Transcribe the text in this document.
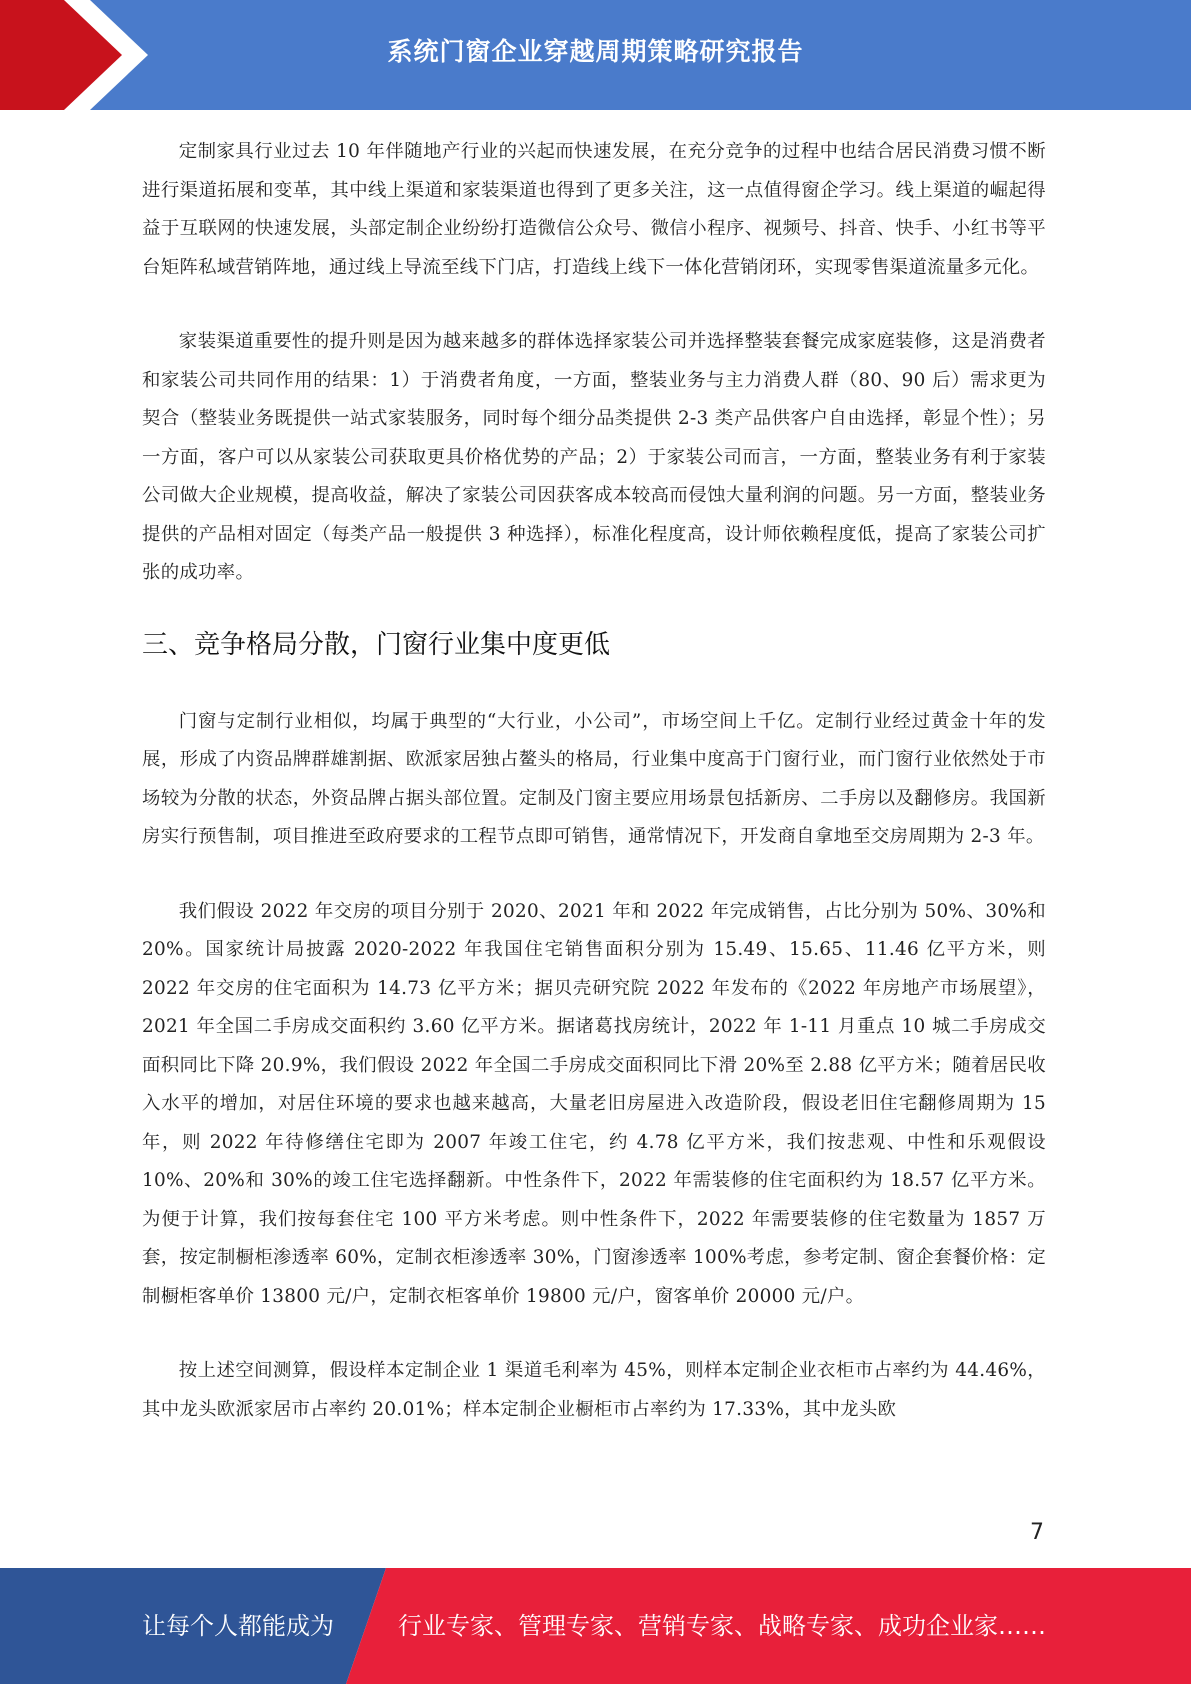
系统门窗企业穿越周期策略研究报告

定制家具行业过去 10 年伴随地产行业的兴起而快速发展，在充分竞争的过程中也结合居民消费习惯不断进行渠道拓展和变革，其中线上渠道和家装渠道也得到了更多关注，这一点值得窗企学习。线上渠道的崛起得益于互联网的快速发展，头部定制企业纷纷打造微信公众号、微信小程序、视频号、抖音、快手、小红书等平台矩阵私域营销阵地，通过线上导流至线下门店，打造线上线下一体化营销闭环，实现零售渠道流量多元化。

家装渠道重要性的提升则是因为越来越多的群体选择家装公司并选择整装套餐完成家庭装修，这是消费者和家装公司共同作用的结果：1）于消费者角度，一方面，整装业务与主力消费人群（80、90 后）需求更为契合（整装业务既提供一站式家装服务，同时每个细分品类提供 2-3 类产品供客户自由选择，彰显个性）；另一方面，客户可以从家装公司获取更具价格优势的产品；2）于家装公司而言，一方面，整装业务有利于家装公司做大企业规模，提高收益，解决了家装公司因获客成本较高而侵蚀大量利润的问题。另一方面，整装业务提供的产品相对固定（每类产品一般提供 3 种选择），标准化程度高，设计师依赖程度低，提高了家装公司扩张的成功率。

三、竞争格局分散，门窗行业集中度更低

门窗与定制行业相似，均属于典型的“大行业，小公司”，市场空间上千亿。定制行业经过黄金十年的发展，形成了内资品牌群雄割据、欧派家居独占鳌头的格局，行业集中度高于门窗行业，而门窗行业依然处于市场较为分散的状态，外资品牌占据头部位置。定制及门窗主要应用场景包括新房、二手房以及翻修房。我国新房实行预售制，项目推进至政府要求的工程节点即可销售，通常情况下，开发商自拿地至交房周期为 2-3 年。

我们假设 2022 年交房的项目分别于 2020、2021 年和 2022 年完成销售，占比分别为 50%、30%和 20%。国家统计局披露 2020-2022 年我国住宅销售面积分别为 15.49、15.65、11.46 亿平方米，则 2022 年交房的住宅面积为 14.73 亿平方米；据贝壳研究院 2022 年发布的《2022 年房地产市场展望》，2021 年全国二手房成交面积约 3.60 亿平方米。据诸葛找房统计，2022 年 1-11 月重点 10 城二手房成交面积同比下降 20.9%，我们假设 2022 年全国二手房成交面积同比下滑 20%至 2.88 亿平方米；随着居民收入水平的增加，对居住环境的要求也越来越高，大量老旧房屋进入改造阶段，假设老旧住宅翻修周期为 15 年，则 2022 年待修缮住宅即为 2007 年竣工住宅，约 4.78 亿平方米，我们按悲观、中性和乐观假设 10%、20%和 30%的竣工住宅选择翻新。中性条件下，2022 年需装修的住宅面积约为 18.57 亿平方米。为便于计算，我们按每套住宅 100 平方米考虑。则中性条件下，2022 年需要装修的住宅数量为 1857 万套，按定制橱柜渗透率 60%，定制衣柜渗透率 30%，门窗渗透率 100%考虑，参考定制、窗企套餐价格：定制橱柜客单价 13800 元/户，定制衣柜客单价 19800 元/户，窗客单价 20000 元/户。

按上述空间测算，假设样本定制企业 1 渠道毛利率为 45%，则样本定制企业衣柜市占率约为 44.46%，其中龙头欧派家居市占率约 20.01%；样本定制企业橱柜市占率约为 17.33%，其中龙头欧

7
让每个人都能成为	行业专家、管理专家、营销专家、战略专家、成功企业家……
